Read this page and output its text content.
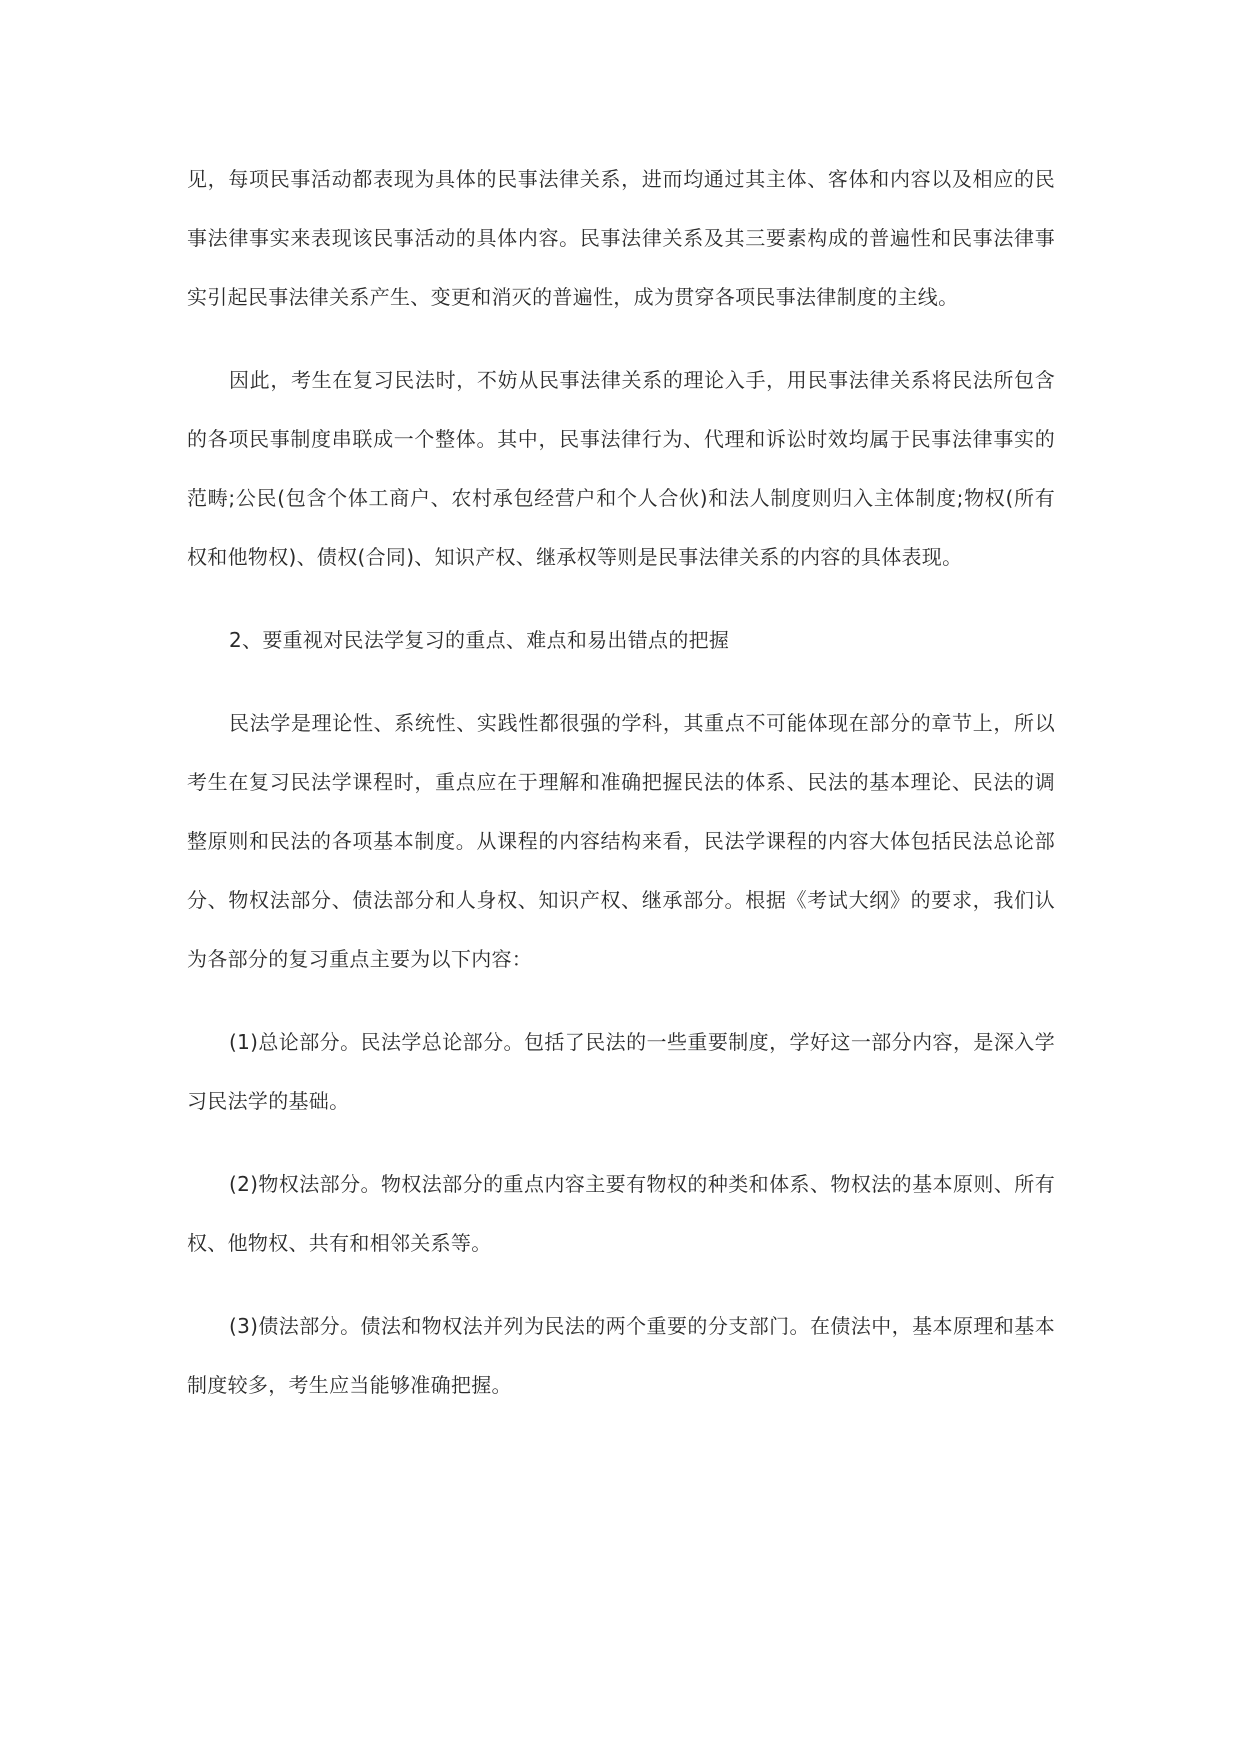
见，每项民事活动都表现为具体的民事法律关系，进而均通过其主体、客体和内容以及相应的民事法律事实来表现该民事活动的具体内容。民事法律关系及其三要素构成的普遍性和民事法律事实引起民事法律关系产生、变更和消灭的普遍性，成为贯穿各项民事法律制度的主线。

因此，考生在复习民法时，不妨从民事法律关系的理论入手，用民事法律关系将民法所包含的各项民事制度串联成一个整体。其中，民事法律行为、代理和诉讼时效均属于民事法律事实的范畴;公民(包含个体工商户、农村承包经营户和个人合伙)和法人制度则归入主体制度;物权(所有权和他物权)、债权(合同)、知识产权、继承权等则是民事法律关系的内容的具体表现。

2、要重视对民法学复习的重点、难点和易出错点的把握

民法学是理论性、系统性、实践性都很强的学科，其重点不可能体现在部分的章节上，所以考生在复习民法学课程时，重点应在于理解和准确把握民法的体系、民法的基本理论、民法的调整原则和民法的各项基本制度。从课程的内容结构来看，民法学课程的内容大体包括民法总论部分、物权法部分、债法部分和人身权、知识产权、继承部分。根据《考试大纲》的要求，我们认为各部分的复习重点主要为以下内容：

(1)总论部分。民法学总论部分。包括了民法的一些重要制度，学好这一部分内容，是深入学习民法学的基础。

(2)物权法部分。物权法部分的重点内容主要有物权的种类和体系、物权法的基本原则、所有权、他物权、共有和相邻关系等。

(3)债法部分。债法和物权法并列为民法的两个重要的分支部门。在债法中，基本原理和基本制度较多，考生应当能够准确把握。
